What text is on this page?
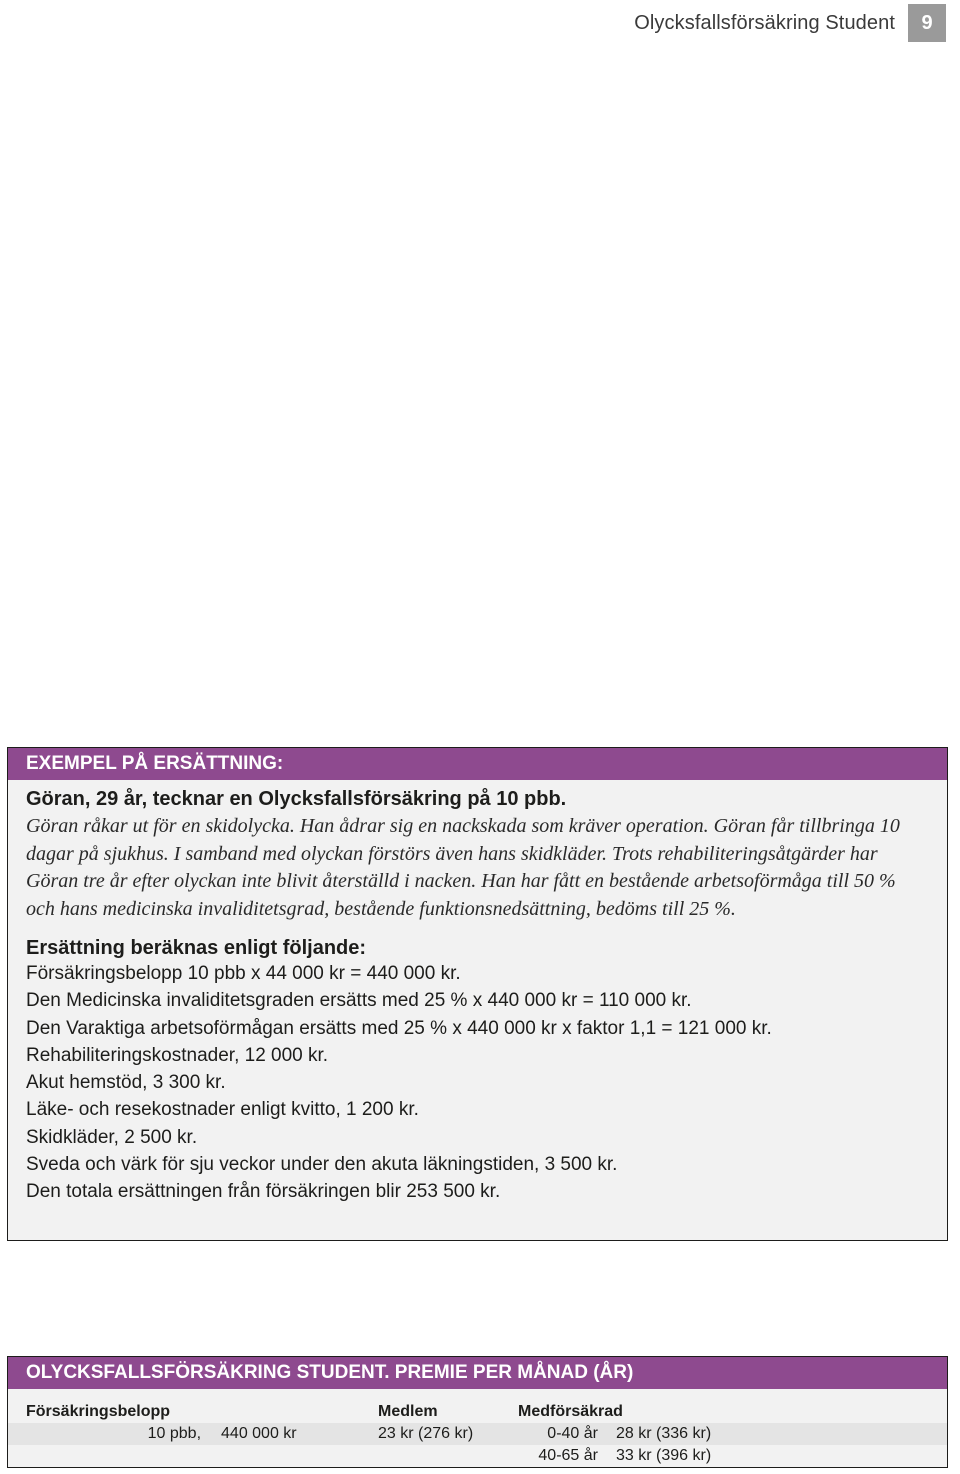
Olycksfallsförsäkring Student	9
EXEMPEL PÅ ERSÄTTNING:
Göran, 29 år, tecknar en Olycksfallsförsäkring på 10 pbb.

Göran råkar ut för en skidolycka. Han ådrar sig en nackskada som kräver operation. Göran får tillbringa 10 dagar på sjukhus. I samband med olyckan förstörs även hans skidkläder. Trots rehabiliteringsåtgärder har Göran tre år efter olyckan inte blivit återställd i nacken. Han har fått en bestående arbetsoförmåga till 50 % och hans medicinska invaliditetsgrad, bestående funktionsnedsättning, bedöms till 25 %.

Ersättning beräknas enligt följande:
Försäkringsbelopp 10 pbb x 44 000 kr = 440 000 kr.
Den Medicinska invaliditetsgraden ersätts med 25 % x 440 000 kr = 110 000 kr.
Den Varaktiga arbetsoförmågan ersätts med 25 % x 440 000 kr x faktor 1,1 = 121 000 kr.
Rehabiliteringskostnader, 12 000 kr.
Akut hemstöd, 3 300 kr.
Läke- och resekostnader enligt kvitto, 1 200 kr.
Skidkläder, 2 500 kr.
Sveda och värk för sju veckor under den akuta läkningstiden, 3 500 kr.
Den totala ersättningen från försäkringen blir 253 500 kr.
OLYCKSFALLSFÖRSÄKRING STUDENT. PREMIE PER MÅNAD (ÅR)
Försäkringsbelopp		Medlem	Medförsäkrad	
10 pbb,	440 000 kr	23 kr (276 kr)	0-40 år	28 kr (336 kr)
			40-65 år	33 kr (396 kr)
